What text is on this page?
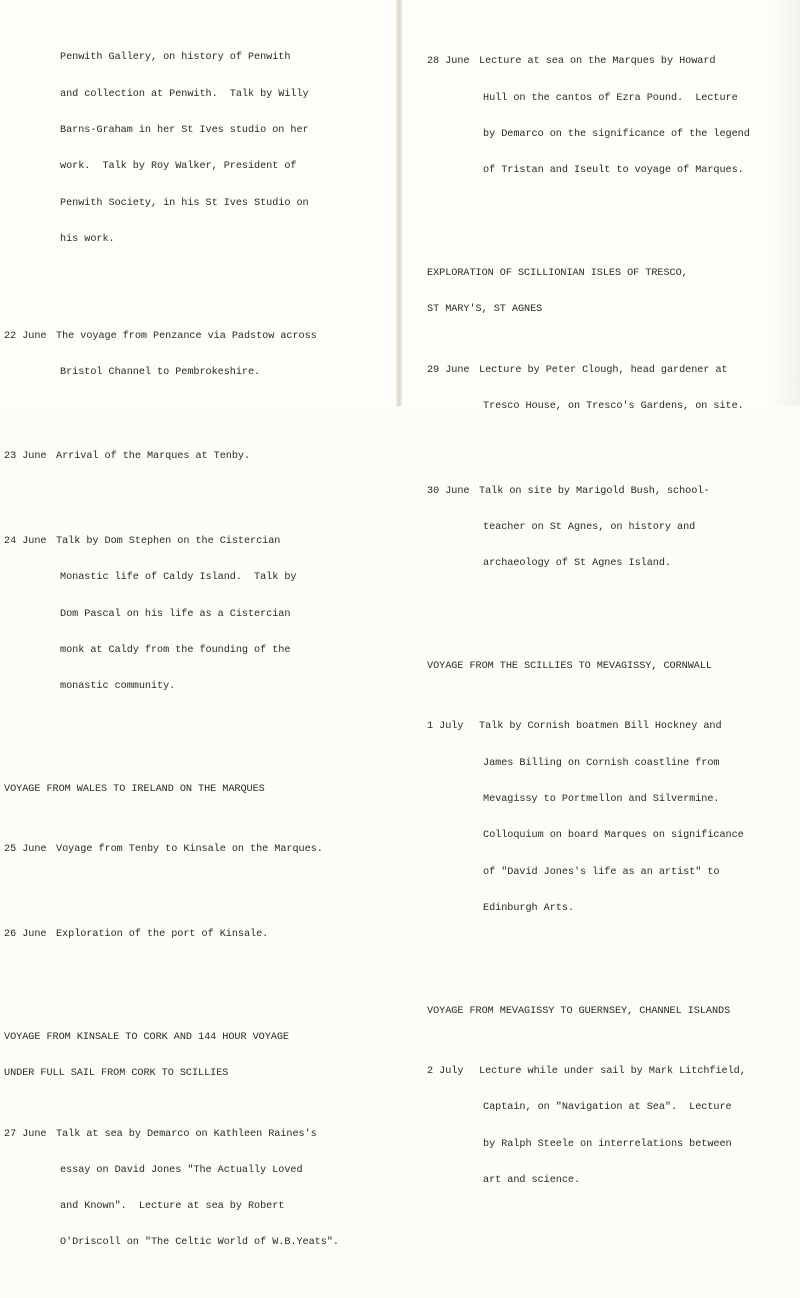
Penwith Gallery, on history of Penwith

and collection at Penwith.  Talk by Willy

Barns-Graham in her St Ives studio on her

work.  Talk by Roy Walker, President of

Penwith Society, in his St Ives Studio on

his work.

22 June The voyage from Penzance via Padstow across

Bristol Channel to Pembrokeshire.

23 June Arrival of the Marques at Tenby.

24 June Talk by Dom Stephen on the Cistercian

Monastic life of Caldy Island.  Talk by

Dom Pascal on his life as a Cistercian

monk at Caldy from the founding of the

monastic community.

VOYAGE FROM WALES TO IRELAND ON THE MARQUES

25 June Voyage from Tenby to Kinsale on the Marques.

26 June Exploration of the port of Kinsale.

VOYAGE FROM KINSALE TO CORK AND 144 HOUR VOYAGE

UNDER FULL SAIL FROM CORK TO SCILLIES

27 June Talk at sea by Demarco on Kathleen Raines's

essay on David Jones "The Actually Loved

and Known".  Lecture at sea by Robert

O'Driscoll on "The Celtic World of W.B.Yeats".

28 June Lecture at sea on the Marques by Howard

Hull on the cantos of Ezra Pound.  Lecture

by Demarco on the significance of the legend

of Tristan and Iseult to voyage of Marques.

EXPLORATION OF SCILLIONIAN ISLES OF TRESCO,

ST MARY'S, ST AGNES

29 June Lecture by Peter Clough, head gardener at

Tresco House, on Tresco's Gardens, on site.

30 June Talk on site by Marigold Bush, school-

teacher on St Agnes, on history and

archaeology of St Agnes Island.

VOYAGE FROM THE SCILLIES TO MEVAGISSY, CORNWALL

1 July Talk by Cornish boatmen Bill Hockney and

James Billing on Cornish coastline from

Mevagissy to Portmellon and Silvermine.

Colloquium on board Marques on significance

of "David Jones's life as an artist" to

Edinburgh Arts.

VOYAGE FROM MEVAGISSY TO GUERNSEY, CHANNEL ISLANDS

2 July Lecture while under sail by Mark Litchfield,

Captain, on "Navigation at Sea".  Lecture

by Ralph Steele on interrelations between

art and science.
